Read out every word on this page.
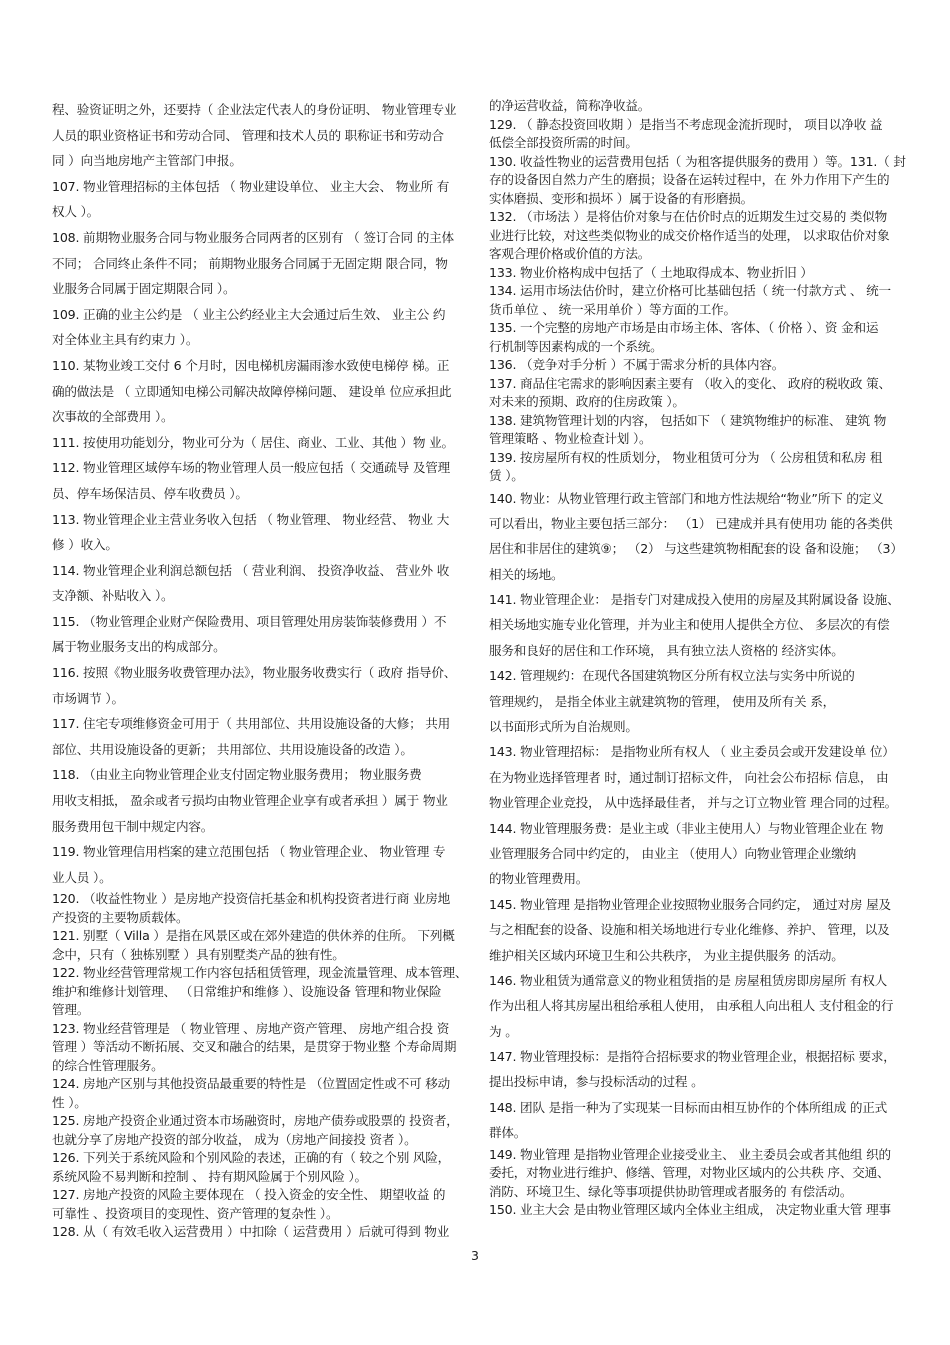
程、验资证明之外，还要持（ 企业法定代表人的身份证明、 物业管理专业
人员的职业资格证书和劳动合同、 管理和技术人员的 职称证书和劳动合
同 ）向当地房地产主管部门申报。
107. 物业管理招标的主体包括 （ 物业建设单位、 业主大会、 物业所 有
权人 ）。
108. 前期物业服务合同与物业服务合同两者的区别有 （ 签订合同 的主体
不同； 合同终止条件不同； 前期物业服务合同属于无固定期 限合同，物
业服务合同属于固定期限合同 ）。
109. 正确的业主公约是 （ 业主公约经业主大会通过后生效、 业主公 约
对全体业主具有约束力 ）。
110. 某物业竣工交付 6 个月时，因电梯机房漏雨渗水致使电梯停 梯。正
确的做法是 （ 立即通知电梯公司解决故障停梯问题、 建设单 位应承担此
次事故的全部费用 ）。
111. 按使用功能划分，物业可分为（ 居住、商业、工业、其他 ）物 业。
112. 物业管理区域停车场的物业管理人员一般应包括（ 交通疏导 及管理
员、停车场保洁员、停车收费员 ）。
113. 物业管理企业主营业务收入包括 （ 物业管理、 物业经营、 物业 大
修 ）收入。
114. 物业管理企业利润总额包括 （ 营业利润、 投资净收益、 营业外 收
支净额、补贴收入 ）。
115. （物业管理企业财产保险费用、项目管理处用房装饰装修费用 ）不
属于物业服务支出的构成部分。
116. 按照《物业服务收费管理办法》，物业服务收费实行（ 政府 指导价、
市场调节 ）。
117. 住宅专项维修资金可用于（ 共用部位、共用设施设备的大修； 共用
部位、共用设施设备的更新； 共用部位、共用设施设备的改造 ）。
118. （由业主向物业管理企业支付固定物业服务费用； 物业服务费
用收支相抵， 盈余或者亏损均由物业管理企业享有或者承担 ）属于 物业
服务费用包干制中规定内容。
119. 物业管理信用档案的建立范围包括 （ 物业管理企业、 物业管理 专
业人员 ）。
120. （收益性物业 ）是房地产投资信托基金和机构投资者进行商 业房地
产投资的主要物质载体。
121. 别墅（ Villa ）是指在风景区或在郊外建造的供休养的住所。 下列概
念中，只有（ 独栋别墅 ）具有别墅类产品的独有性。
122. 物业经营管理常规工作内容包括租赁管理，现金流量管理、成本管理、
维护和维修计划管理、 （日常维护和维修 ）、设施设备 管理和物业保险
管理。
123. 物业经营管理是 （ 物业管理 、房地产资产管理、 房地产组合投 资
管理 ）等活动不断拓展、交叉和融合的结果，是贯穿于物业整 个寿命周期
的综合性管理服务。
124. 房地产区别与其他投资品最重要的特性是 （位置固定性或不可 移动
性 ）。
125. 房地产投资企业通过资本市场融资时，房地产债券或股票的 投资者，
也就分享了房地产投资的部分收益， 成为（房地产间接投 资者 ）。
126. 下列关于系统风险和个别风险的表述，正确的有（ 较之个别 风险，
系统风险不易判断和控制 、 持有期风险属于个别风险 ）。
127. 房地产投资的风险主要体现在 （ 投入资金的安全性、 期望收益 的
可靠性 、投资项目的变现性、资产管理的复杂性 ）。
128. 从（ 有效毛收入运营费用 ）中扣除（ 运营费用 ）后就可得到 物业
的净运营收益，简称净收益。
129. （ 静态投资回收期 ）是指当不考虑现金流折现时， 项目以净收 益
低偿全部投资所需的时间。
130. 收益性物业的运营费用包括（ 为租客提供服务的费用 ）等。131.（ 封
存的设备因自然力产生的磨损；设备在运转过程中，在 外力作用下产生的
实体磨损、变形和损坏 ）属于设备的有形磨损。
132. （市场法 ）是将估价对象与在估价时点的近期发生过交易的 类似物
业进行比较，对这些类似物业的成交价格作适当的处理， 以求取估价对象
客观合理价格或价值的方法。
133. 物业价格构成中包括了（ 土地取得成本、物业折旧 ）
134. 运用市场法估价时，建立价格可比基础包括（ 统一付款方式 、 统一
货币单位 、 统一采用单价 ）等方面的工作。
135. 一个完整的房地产市场是由市场主体、客体、（ 价格 ）、资 金和运
行机制等因素构成的一个系统。
136. （竞争对手分析 ）不属于需求分析的具体内容。
137. 商品住宅需求的影响因素主要有 （收入的变化、 政府的税收政 策、
对未来的预期、政府的住房政策 ）。
138. 建筑物管理计划的内容， 包括如下 （ 建筑物维护的标准、 建筑 物
管理策略 、物业检查计划 ）。
139. 按房屋所有权的性质划分， 物业租赁可分为 （ 公房租赁和私房 租
赁 ）。
140. 物业：从物业管理行政主管部门和地方性法规给“物业”所下 的定义
可以看出，物业主要包括三部分： （1） 已建成并具有使用功 能的各类供
居住和非居住的建筑⑨； （2） 与这些建筑物相配套的设 备和设施； （3）
相关的场地。
141. 物业管理企业： 是指专门对建成投入使用的房屋及其附属设备 设施、
相关场地实施专业化管理，并为业主和使用人提供全方位、 多层次的有偿
服务和良好的居住和工作环境， 具有独立法人资格的 经济实体。
142. 管理规约：在现代各国建筑物区分所有权立法与实务中所说的
管理规约， 是指全体业主就建筑物的管理， 使用及所有关 系，
以书面形式所为自治规则。
143. 物业管理招标： 是指物业所有权人 （ 业主委员会或开发建设单 位）
在为物业选择管理者 时，通过制订招标文件， 向社会公布招标 信息， 由
物业管理企业竞投， 从中选择最佳者， 并与之订立物业管 理合同的过程。
144. 物业管理服务费：是业主或（非业主使用人）与物业管理企业在 物
业管理服务合同中约定的， 由业主 （使用人）向物业管理企业缴纳
的物业管理费用。
145. 物业管理 是指物业管理企业按照物业服务合同约定， 通过对房 屋及
与之相配套的设备、设施和相关场地进行专业化维修、养护、 管理，以及
维护相关区域内环境卫生和公共秩序， 为业主提供服务 的活动。
146. 物业租赁为通常意义的物业租赁指的是 房屋租赁房即房屋所 有权人
作为出租人将其房屋出租给承租人使用， 由承租人向出租人 支付租金的行
为 。
147. 物业管理投标：是指符合招标要求的物业管理企业，根据招标 要求，
提出投标申请，参与投标活动的过程 。
148. 团队 是指一种为了实现某一目标而由相互协作的个体所组成 的正式
群体。
149. 物业管理 是指物业管理企业接受业主、 业主委员会或者其他组 织的
委托，对物业进行维护、修缮、管理，对物业区域内的公共秩 序、交通、
消防、环境卫生、绿化等事项提供协助管理或者服务的 有偿活动。
150. 业主大会 是由物业管理区域内全体业主组成， 决定物业重大管 理事
3
